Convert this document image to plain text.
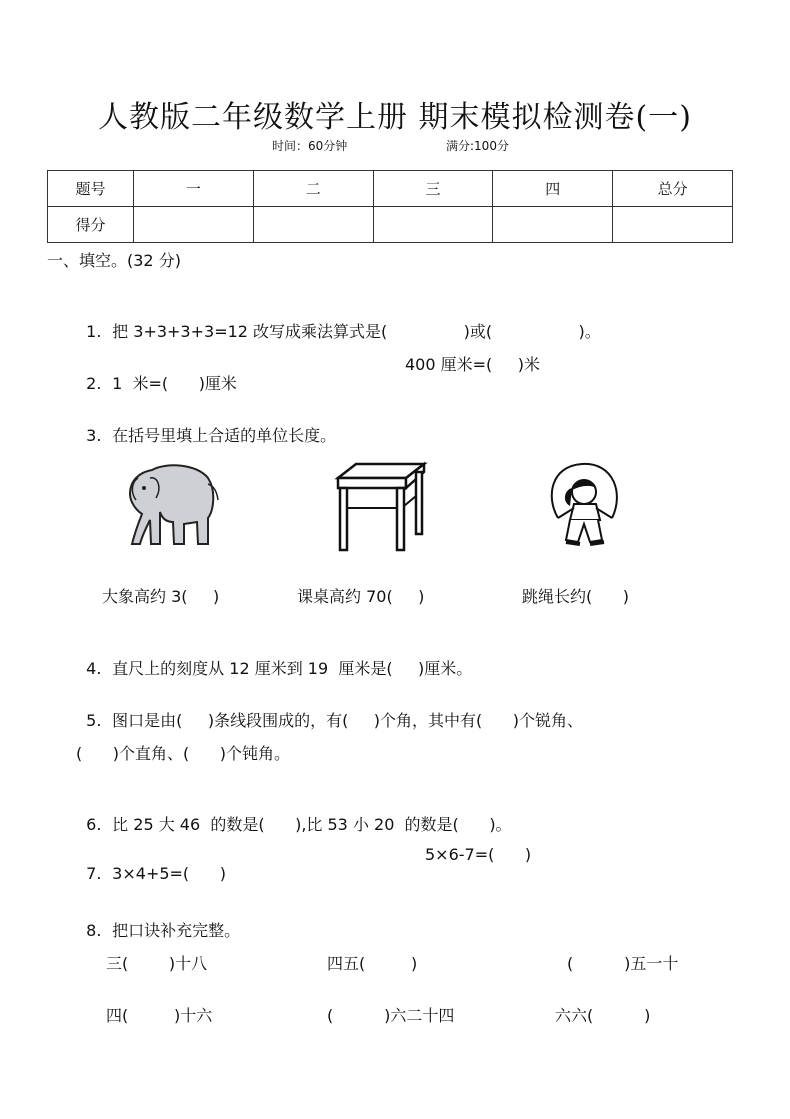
人教版二年级数学上册 期末模拟检测卷(一)
时间：60分钟	满分:100分
题号	一	二	三	四	总分
得分					
一、填空。(32 分)

1. 把 3+3+3+3=12 改写成乘法算式是(               )或(                 )。

2. 1  米=(      )厘米

400 厘米=(     )米

3. 在括号里填上合适的单位长度。

大象高约 3(     )	课桌高约 70(     )	跳绳长约(      )

4. 直尺上的刻度从 12 厘米到 19  厘米是(     )厘米。

5. 图口是由(     )条线段围成的，有(     )个角，其中有(      )个锐角、

(      )个直角、(      )个钝角。

6. 比 25 大 46  的数是(      ),比 53 小 20  的数是(      )。

7. 3×4+5=(      )

5×6-7=(      )

8. 把口诀补充完整。

三(        )十八	四五(         )	(          )五一十
四(         )十六	(          )六二十四	六六(          )
